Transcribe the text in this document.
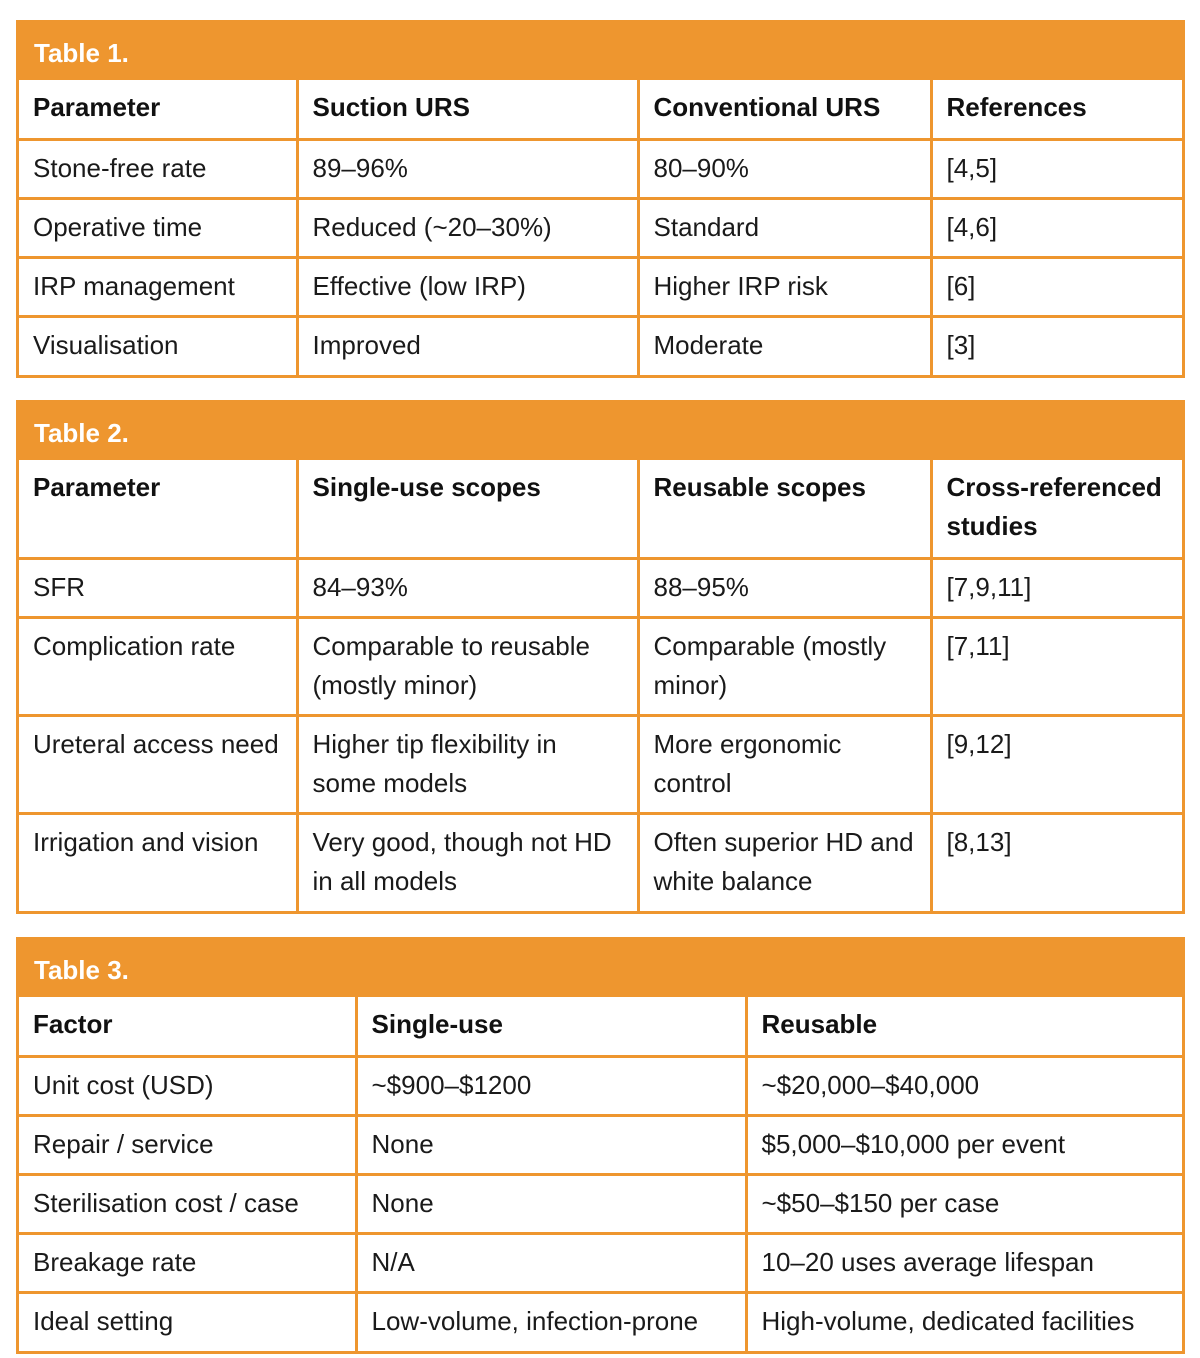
Table 1.
Parameter	Suction URS	Conventional URS	References
Stone-free rate	89–96%	80–90%	[4,5]
Operative time	Reduced (~20–30%)	Standard	[4,6]
IRP management	Effective (low IRP)	Higher IRP risk	[6]
Visualisation	Improved	Moderate	[3]
Table 2.
Parameter	Single-use scopes	Reusable scopes	Cross-referenced studies
SFR	84–93%	88–95%	[7,9,11]
Complication rate	Comparable to reusable (mostly minor)	Comparable (mostly minor)	[7,11]
Ureteral access need	Higher tip flexibility in some models	More ergonomic control	[9,12]
Irrigation and vision	Very good, though not HD in all models	Often superior HD and white balance	[8,13]
Table 3.
Factor	Single-use	Reusable
Unit cost (USD)	~$900–$1200	~$20,000–$40,000
Repair / service	None	$5,000–$10,000 per event
Sterilisation cost / case	None	~$50–$150 per case
Breakage rate	N/A	10–20 uses average lifespan
Ideal setting	Low-volume, infection-prone	High-volume, dedicated facilities
